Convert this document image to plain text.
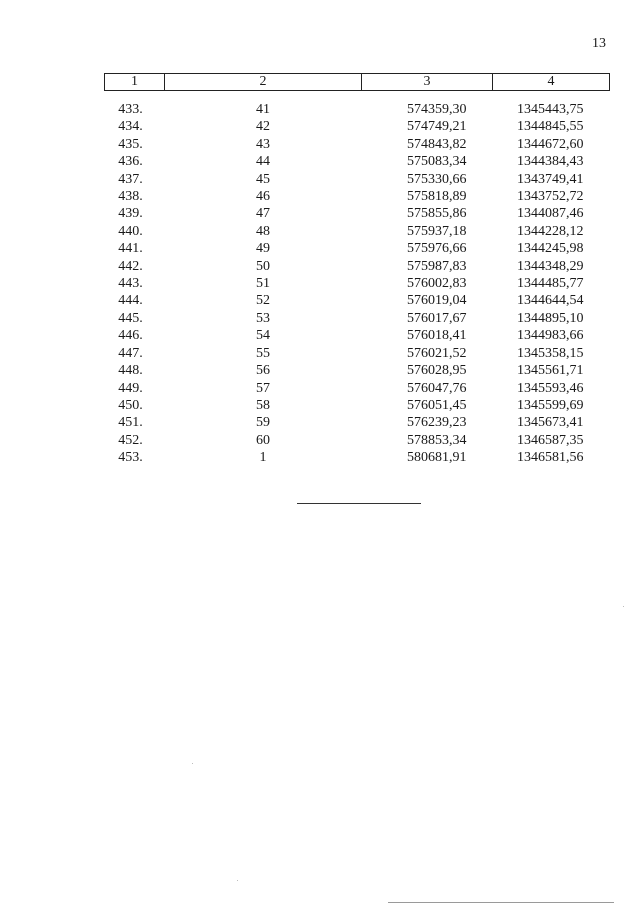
13
1	2	3	4
433.	41	574359,30	1345443,75
434.	42	574749,21	1344845,55
435.	43	574843,82	1344672,60
436.	44	575083,34	1344384,43
437.	45	575330,66	1343749,41
438.	46	575818,89	1343752,72
439.	47	575855,86	1344087,46
440.	48	575937,18	1344228,12
441.	49	575976,66	1344245,98
442.	50	575987,83	1344348,29
443.	51	576002,83	1344485,77
444.	52	576019,04	1344644,54
445.	53	576017,67	1344895,10
446.	54	576018,41	1344983,66
447.	55	576021,52	1345358,15
448.	56	576028,95	1345561,71
449.	57	576047,76	1345593,46
450.	58	576051,45	1345599,69
451.	59	576239,23	1345673,41
452.	60	578853,34	1346587,35
453.	1	580681,91	1346581,56
